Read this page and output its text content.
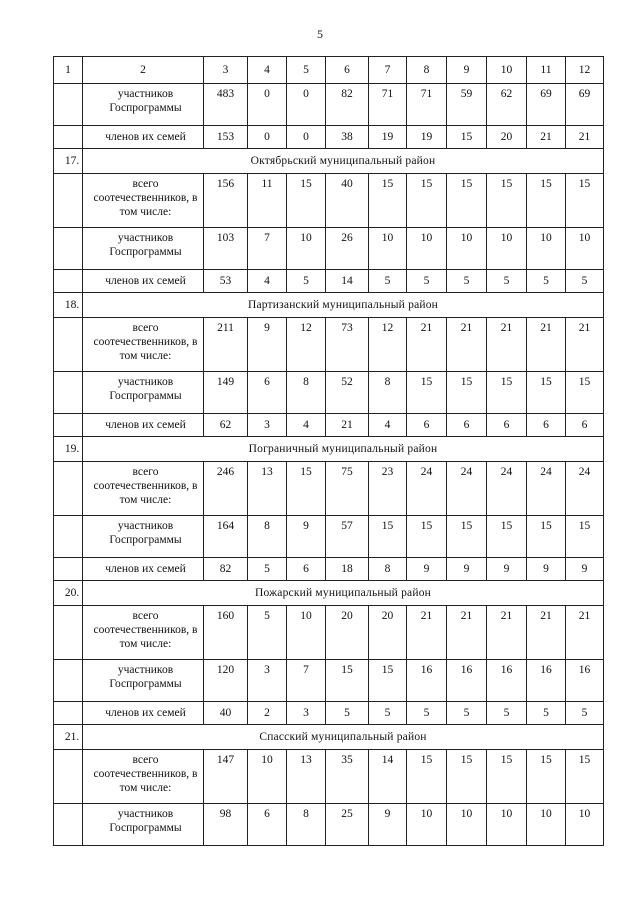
5
1	2	3	4	5	6	7	8	9	10	11	12
	участников Госпрограммы	483	0	0	82	71	71	59	62	69	69
	членов их семей	153	0	0	38	19	19	15	20	21	21
17.	Октябрьский муниципальный район										
	всего соотечественников, в том числе:	156	11	15	40	15	15	15	15	15	15
	участников Госпрограммы	103	7	10	26	10	10	10	10	10	10
	членов их семей	53	4	5	14	5	5	5	5	5	5
18.	Партизанский муниципальный район										
	всего соотечественников, в том числе:	211	9	12	73	12	21	21	21	21	21
	участников Госпрограммы	149	6	8	52	8	15	15	15	15	15
	членов их семей	62	3	4	21	4	6	6	6	6	6
19.	Пограничный муниципальный район										
	всего соотечественников, в том числе:	246	13	15	75	23	24	24	24	24	24
	участников Госпрограммы	164	8	9	57	15	15	15	15	15	15
	членов их семей	82	5	6	18	8	9	9	9	9	9
20.	Пожарский муниципальный район										
	всего соотечественников, в том числе:	160	5	10	20	20	21	21	21	21	21
	участников Госпрограммы	120	3	7	15	15	16	16	16	16	16
	членов их семей	40	2	3	5	5	5	5	5	5	5
21.	Спасский муниципальный район										
	всего соотечественников, в том числе:	147	10	13	35	14	15	15	15	15	15
	участников Госпрограммы	98	6	8	25	9	10	10	10	10	10
